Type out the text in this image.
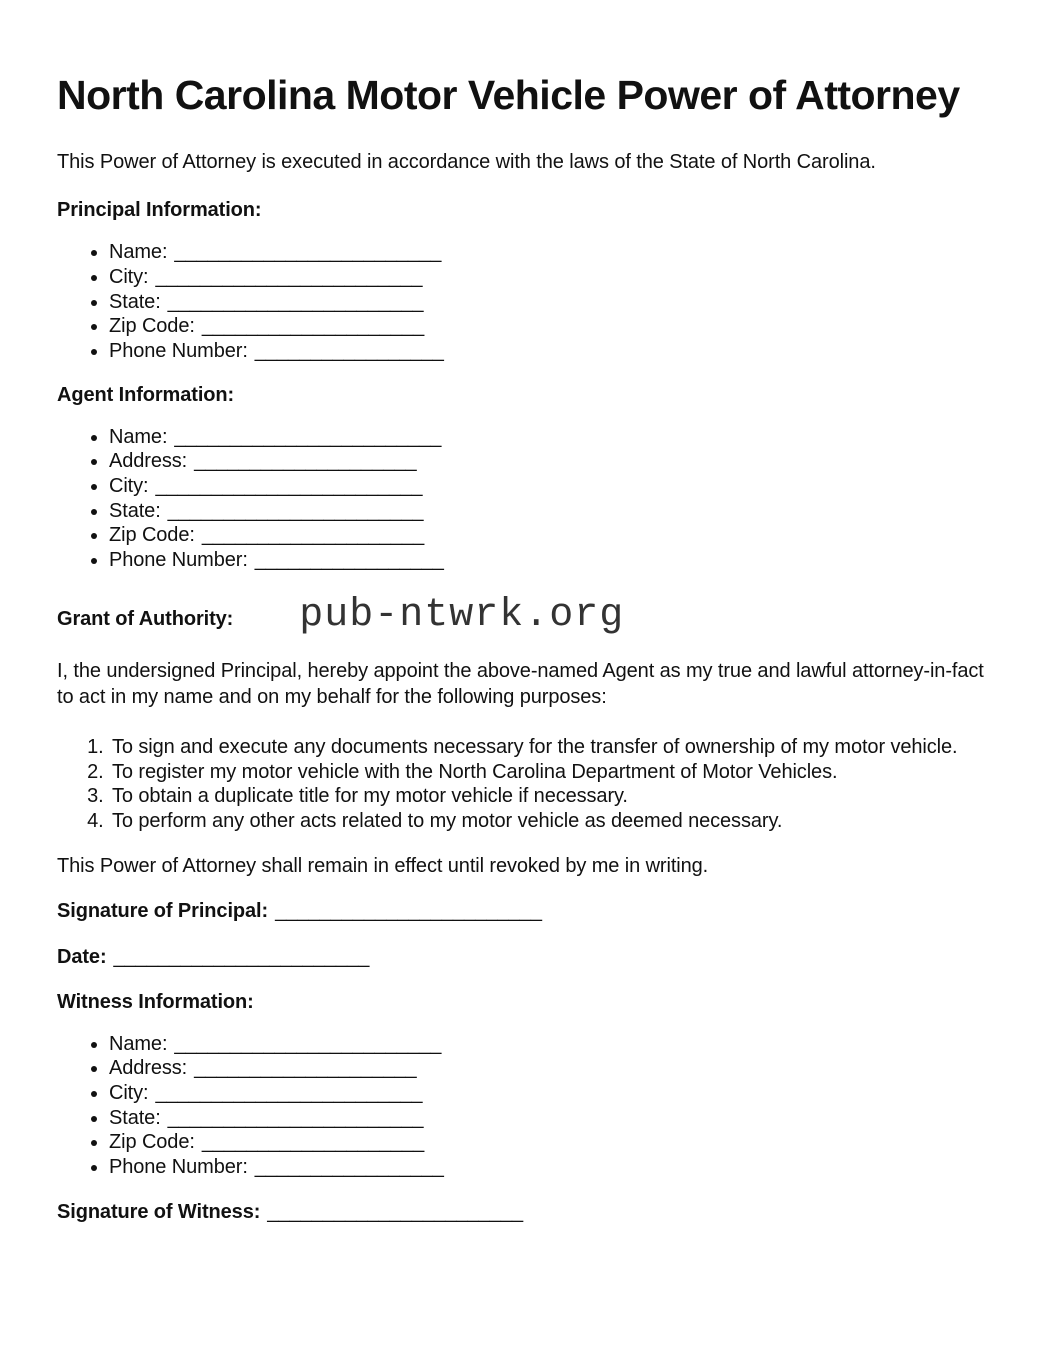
North Carolina Motor Vehicle Power of Attorney

This Power of Attorney is executed in accordance with the laws of the State of North Carolina.

Principal Information:
• Name: ________________________
• City: ________________________
• State: _______________________
• Zip Code: ____________________
• Phone Number: _________________
Agent Information:
• Name: ________________________
• Address: ____________________
• City: ________________________
• State: _______________________
• Zip Code: ____________________
• Phone Number: _________________
Grant of Authority: pub-ntwrk.org

I, the undersigned Principal, hereby appoint the above-named Agent as my true and lawful attorney-in-fact to act in my name and on my behalf for the following purposes:

1. To sign and execute any documents necessary for the transfer of ownership of my motor vehicle.
2. To register my motor vehicle with the North Carolina Department of Motor Vehicles.
3. To obtain a duplicate title for my motor vehicle if necessary.
4. To perform any other acts related to my motor vehicle as deemed necessary.

This Power of Attorney shall remain in effect until revoked by me in writing.

Signature of Principal: ________________________

Date: _______________________

Witness Information:
• Name: ________________________
• Address: ____________________
• City: ________________________
• State: _______________________
• Zip Code: ____________________
• Phone Number: _________________

Signature of Witness: _______________________
